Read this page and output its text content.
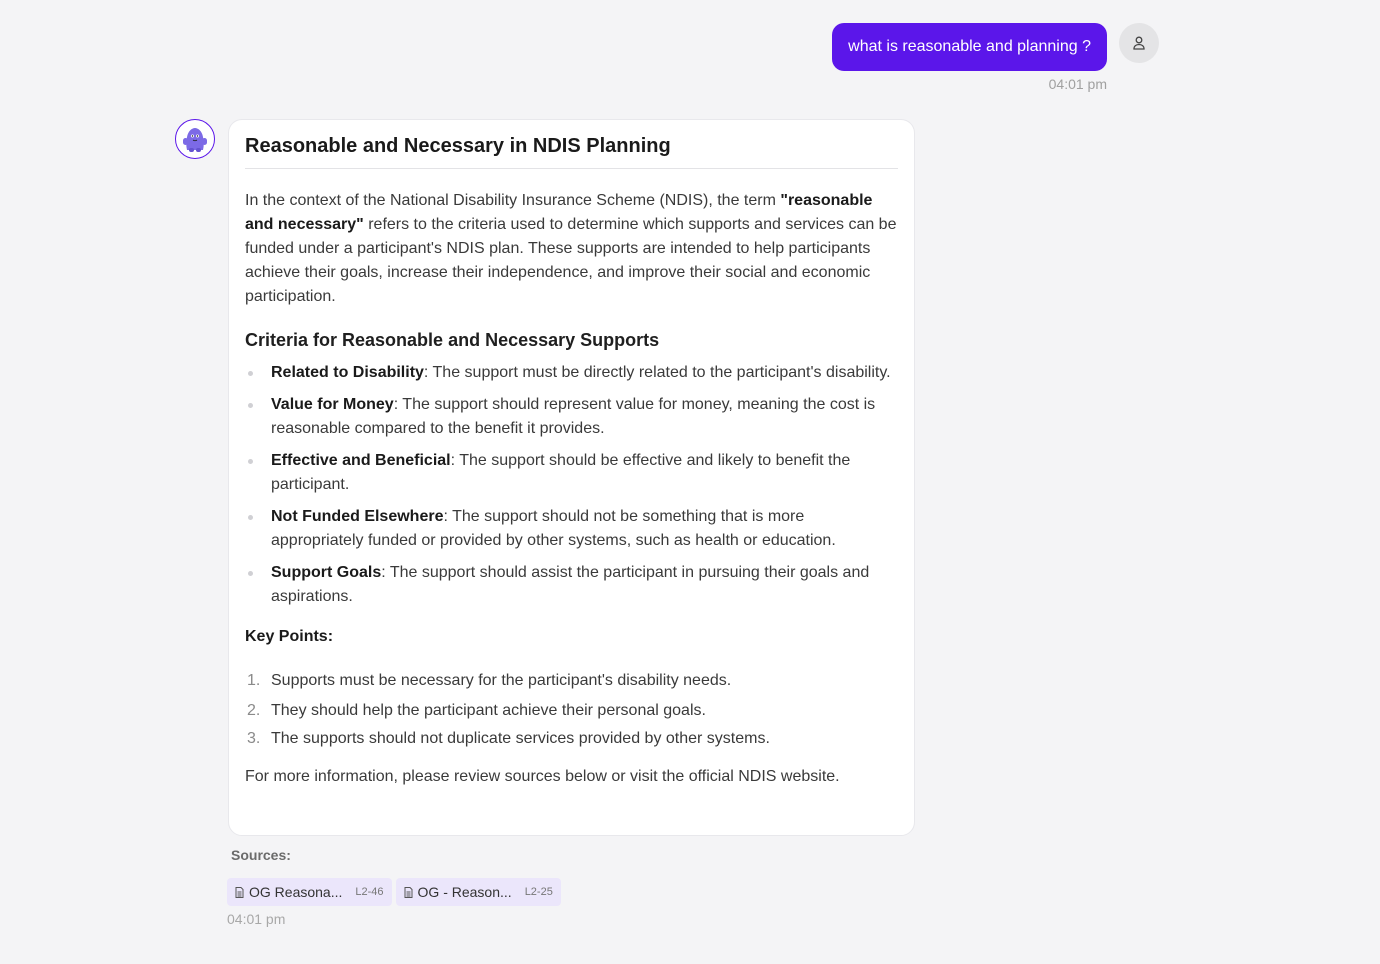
what is reasonable and planning ?
04:01 pm
Reasonable and Necessary in NDIS Planning

In the context of the National Disability Insurance Scheme (NDIS), the term "reasonable and necessary" refers to the criteria used to determine which supports and services can be funded under a participant's NDIS plan. These supports are intended to help participants achieve their goals, increase their independence, and improve their social and economic participation.

Criteria for Reasonable and Necessary Supports
Related to Disability: The support must be directly related to the participant's disability.
Value for Money: The support should represent value for money, meaning the cost is reasonable compared to the benefit it provides.
Effective and Beneficial: The support should be effective and likely to benefit the participant.
Not Funded Elsewhere: The support should not be something that is more appropriately funded or provided by other systems, such as health or education.
Support Goals: The support should assist the participant in pursuing their goals and aspirations.

Key Points:

1. Supports must be necessary for the participant's disability needs.
2. They should help the participant achieve their personal goals.
3. The supports should not duplicate services provided by other systems.

For more information, please review sources below or visit the official NDIS website.

Sources:
OG Reasona... L2-46 OG - Reason... L2-25
04:01 pm
